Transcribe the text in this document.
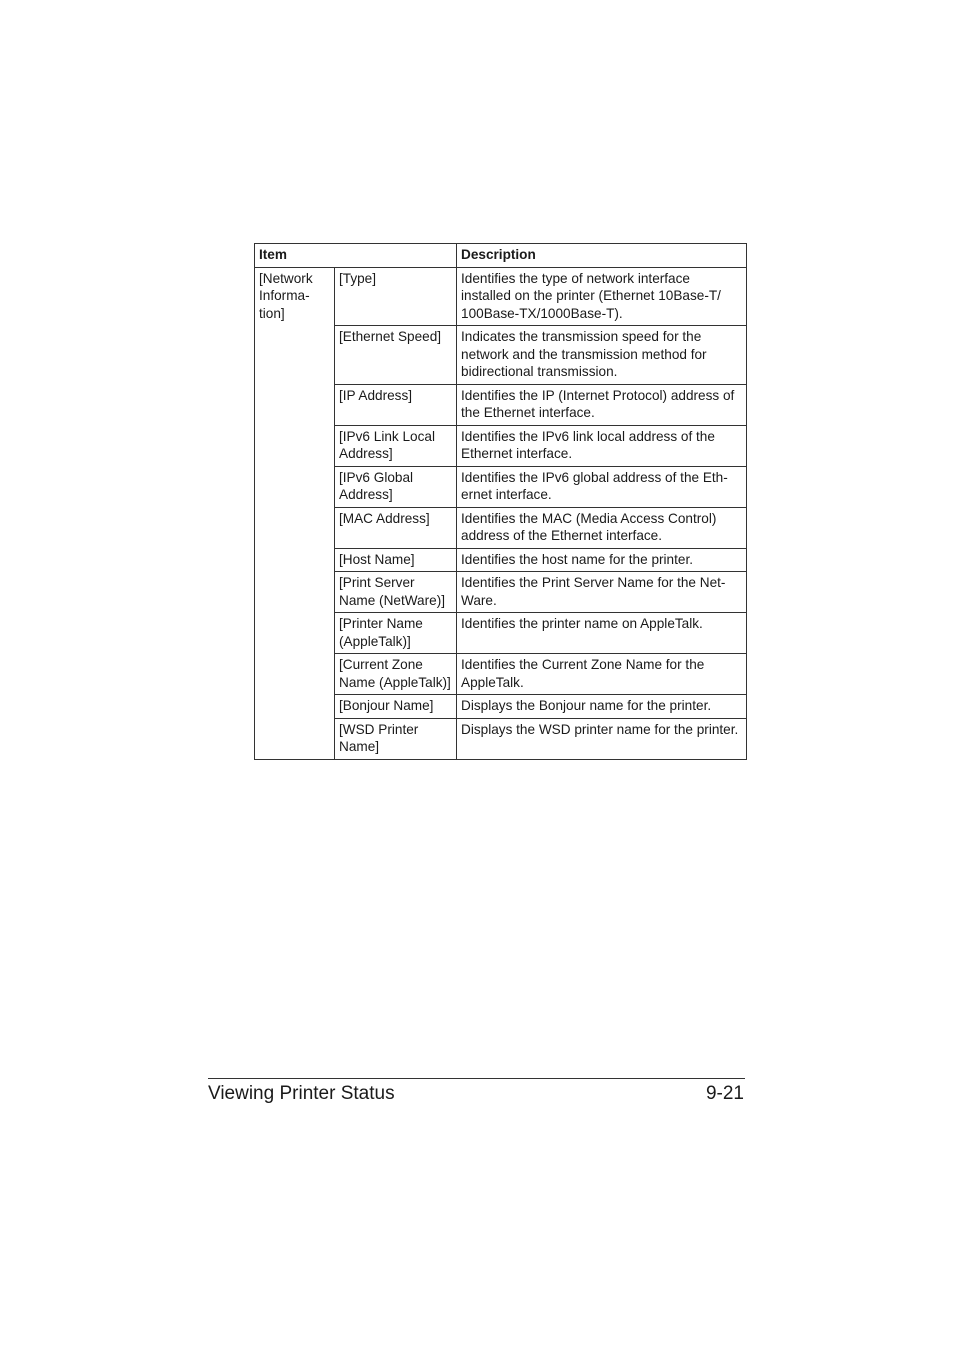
Item		Description
[Network Informa-tion]	[Type]	Identifies the type of network interface installed on the printer (Ethernet 10Base-T/ 100Base-TX/1000Base-T).
	[Ethernet Speed]	Indicates the transmission speed for the network and the transmission method for bidirectional transmission.
	[IP Address]	Identifies the IP (Internet Protocol) address of the Ethernet interface.
	[IPv6 Link Local Address]	Identifies the IPv6 link local address of the Ethernet interface.
	[IPv6 Global Address]	Identifies the IPv6 global address of the Eth-ernet interface.
	[MAC Address]	Identifies the MAC (Media Access Control) address of the Ethernet interface.
	[Host Name]	Identifies the host name for the printer.
	[Print Server Name (NetWare)]	Identifies the Print Server Name for the Net-Ware.
	[Printer Name (AppleTalk)]	Identifies the printer name on AppleTalk.
	[Current Zone Name (AppleTalk)]	Identifies the Current Zone Name for the AppleTalk.
	[Bonjour Name]	Displays the Bonjour name for the printer.
	[WSD Printer Name]	Displays the WSD printer name for the printer.
Viewing Printer Status	9-21
